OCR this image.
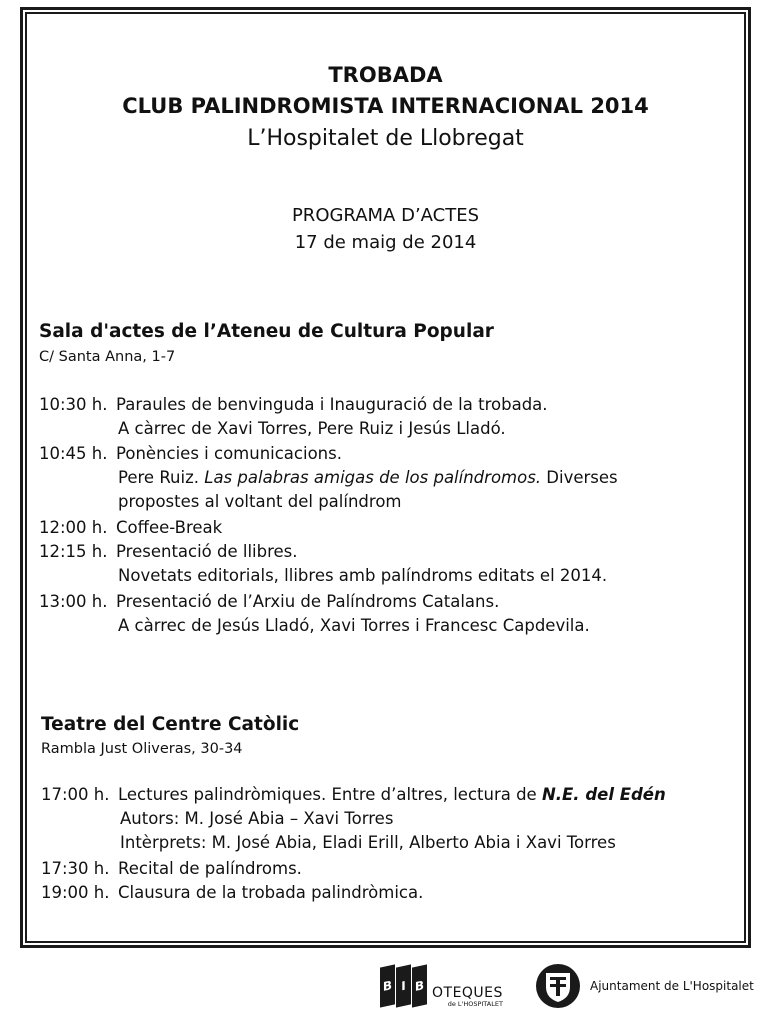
TROBADA
CLUB PALINDROMISTA INTERNACIONAL 2014
L’Hospitalet de Llobregat
PROGRAMA D’ACTES
17 de maig de 2014
Sala d'actes de l’Ateneu de Cultura Popular
C/ Santa Anna, 1-7
10:30 h. Paraules de benvinguda i Inauguració de la trobada.
A càrrec de Xavi Torres, Pere Ruiz i Jesús Lladó.
10:45 h. Ponències i comunicacions.
Pere Ruiz. Las palabras amigas de los palíndromos. Diverses
propostes al voltant del palíndrom
12:00 h. Coffee-Break
12:15 h. Presentació de llibres.
Novetats editorials, llibres amb palíndroms editats el 2014.
13:00 h. Presentació de l’Arxiu de Palíndroms Catalans.
A càrrec de Jesús Lladó, Xavi Torres i Francesc Capdevila.
Teatre del Centre Catòlic
Rambla Just Oliveras, 30-34
17:00 h. Lectures palindròmiques. Entre d’altres, lectura de N.E. del Edén
Autors: M. José Abia – Xavi Torres
Intèrprets: M. José Abia, Eladi Erill, Alberto Abia i Xavi Torres
17:30 h. Recital de palíndroms.
19:00 h. Clausura de la trobada palindròmica.
B I B OTEQUES
de L'HOSPITALET
Ajuntament de L'Hospitalet
